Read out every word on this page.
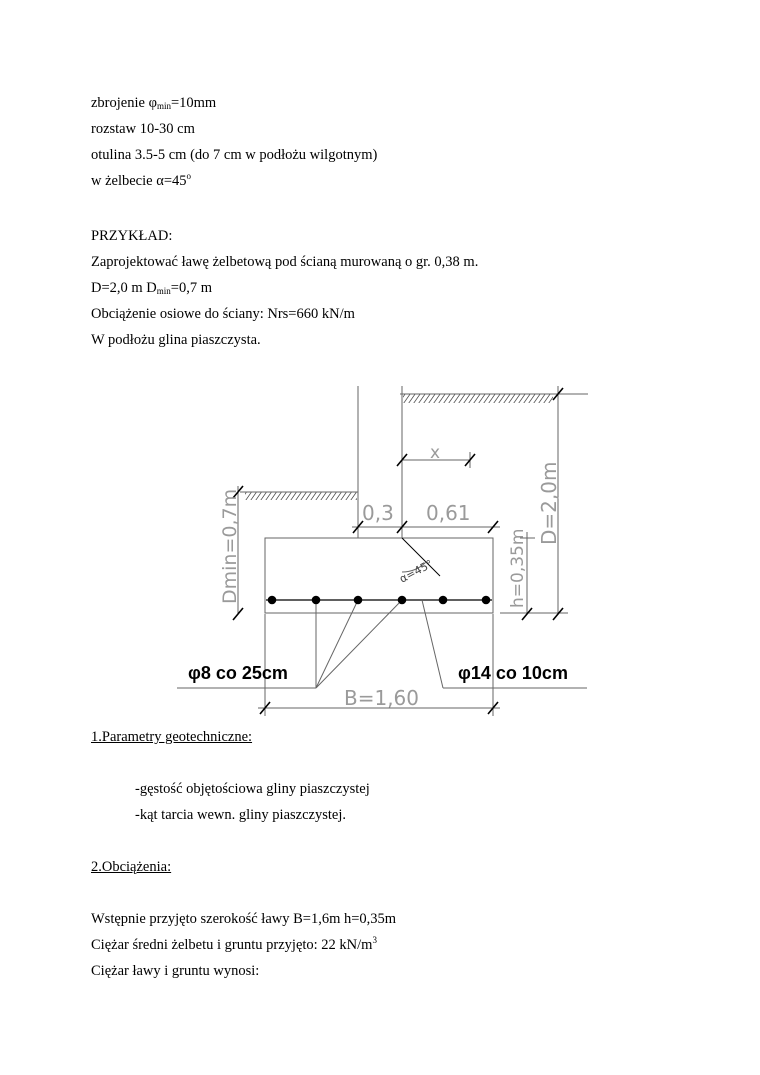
zbrojenie $\varphi_{min}=10mm$
rozstaw 10-30 cm
otulina 3.5-5 cm (do 7 cm w podłożu wilgotnym)
w żelbecie $\alpha=45^o$
PRZYKŁAD:
Zaprojektować ławę żelbetową pod ścianą murowaną o gr. 0,38 m.
D=2,0 m $D_{min}=0,7$ m
Obciążenie osiowe do ściany: Nrs=660 kN/m
W podłożu glina piaszczysta.
0,3 0,61
x
Dmin=0,7m	h=0,35m
D=2,0m
α=45°
B=1,60
φ8 co 25cm	φ14 co 10cm
1.Parametry geotechniczne:
-gęstość objętościowa gliny piaszczystej
-kąt tarcia wewn. gliny piaszczystej.
2.Obciążenia:
Wstępnie przyjęto szerokość ławy B=1,6m h=0,35m
Ciężar średni żelbetu i gruntu przyjęto: 22 $kN/m^3$
Ciężar ławy i gruntu wynosi:
